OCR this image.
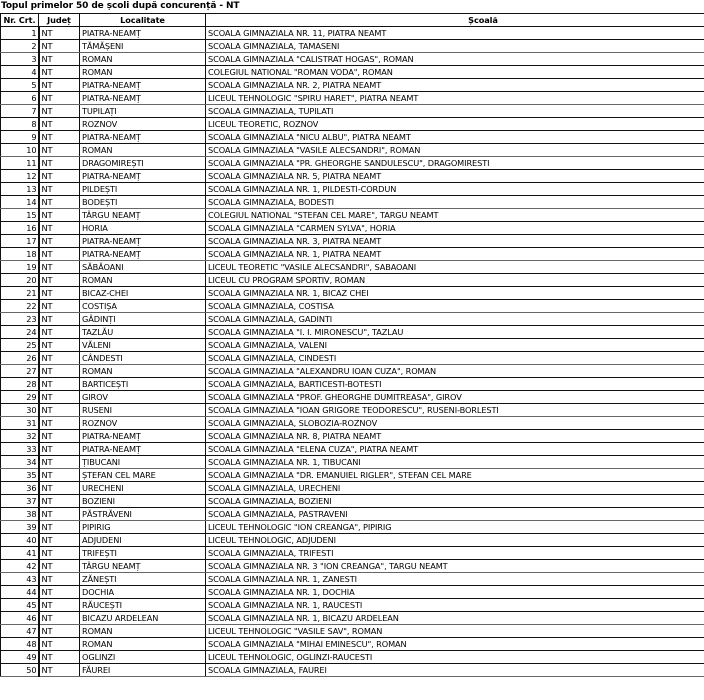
Topul primelor 50 de școli după concurență - NT
Nr. Crt.	Județ	Localitate	Școală
1	NT	PIATRA-NEAMȚ	SCOALA GIMNAZIALA NR. 11, PIATRA NEAMT
2	NT	TĂMĂȘENI	SCOALA GIMNAZIALA, TAMASENI
3	NT	ROMAN	SCOALA GIMNAZIALA "CALISTRAT HOGAS", ROMAN
4	NT	ROMAN	COLEGIUL NATIONAL "ROMAN VODA", ROMAN
5	NT	PIATRA-NEAMȚ	SCOALA GIMNAZIALA NR. 2, PIATRA NEAMT
6	NT	PIATRA-NEAMȚ	LICEUL TEHNOLOGIC "SPIRU HARET", PIATRA NEAMT
7	NT	TUPILAȚI	SCOALA GIMNAZIALA, TUPILATI
8	NT	ROZNOV	LICEUL TEORETIC, ROZNOV
9	NT	PIATRA-NEAMȚ	SCOALA GIMNAZIALA "NICU ALBU", PIATRA NEAMT
10	NT	ROMAN	SCOALA GIMNAZIALA "VASILE ALECSANDRI", ROMAN
11	NT	DRAGOMIREȘTI	SCOALA GIMNAZIALA "PR. GHEORGHE SANDULESCU", DRAGOMIRESTI
12	NT	PIATRA-NEAMȚ	SCOALA GIMNAZIALA NR. 5, PIATRA NEAMT
13	NT	PILDEȘTI	SCOALA GIMNAZIALA NR. 1, PILDESTI-CORDUN
14	NT	BODEȘTI	SCOALA GIMNAZIALA, BODESTI
15	NT	TÂRGU NEAMȚ	COLEGIUL NATIONAL "STEFAN CEL MARE", TARGU NEAMT
16	NT	HORIA	SCOALA GIMNAZIALA "CARMEN SYLVA", HORIA
17	NT	PIATRA-NEAMȚ	SCOALA GIMNAZIALA NR. 3, PIATRA NEAMT
18	NT	PIATRA-NEAMȚ	SCOALA GIMNAZIALA NR. 1, PIATRA NEAMT
19	NT	SĂBĂOANI	LICEUL TEORETIC "VASILE ALECSANDRI", SABAOANI
20	NT	ROMAN	LICEUL CU PROGRAM SPORTIV, ROMAN
21	NT	BICAZ-CHEI	SCOALA GIMNAZIALA NR. 1, BICAZ CHEI
22	NT	COSTIȘA	SCOALA GIMNAZIALA, COSTISA
23	NT	GÂDINȚI	SCOALA GIMNAZIALA, GADINTI
24	NT	TAZLĂU	SCOALA GIMNAZIALA "I. I. MIRONESCU", TAZLAU
25	NT	VĂLENI	SCOALA GIMNAZIALA, VALENI
26	NT	CÂNDESTI	SCOALA GIMNAZIALA, CINDESTI
27	NT	ROMAN	SCOALA GIMNAZIALA "ALEXANDRU IOAN CUZA", ROMAN
28	NT	BARTICEȘTI	SCOALA GIMNAZIALA, BARTICESTI-BOTESTI
29	NT	GIROV	SCOALA GIMNAZIALA "PROF. GHEORGHE DUMITREASA", GIROV
30	NT	RUSENI	SCOALA GIMNAZIALA "IOAN GRIGORE TEODORESCU", RUSENI-BORLESTI
31	NT	ROZNOV	SCOALA GIMNAZIALA, SLOBOZIA-ROZNOV
32	NT	PIATRA-NEAMȚ	SCOALA GIMNAZIALA NR. 8, PIATRA NEAMT
33	NT	PIATRA-NEAMȚ	SCOALA GIMNAZIALA "ELENA CUZA", PIATRA NEAMT
34	NT	ȚIBUCANI	SCOALA GIMNAZIALA NR. 1, TIBUCANI
35	NT	ȘTEFAN CEL MARE	SCOALA GIMNAZIALA "DR. EMANUIEL RIGLER", STEFAN CEL MARE
36	NT	URECHENI	SCOALA GIMNAZIALA, URECHENI
37	NT	BOZIENI	SCOALA GIMNAZIALA, BOZIENI
38	NT	PĂSTRĂVENI	SCOALA GIMNAZIALA, PASTRAVENI
39	NT	PIPIRIG	LICEUL TEHNOLOGIC "ION CREANGA", PIPIRIG
40	NT	ADJUDENI	LICEUL TEHNOLOGIC, ADJUDENI
41	NT	TRIFEȘTI	SCOALA GIMNAZIALA, TRIFESTI
42	NT	TÂRGU NEAMȚ	SCOALA GIMNAZIALA NR. 3 "ION CREANGA", TARGU NEAMT
43	NT	ZĂNEȘTI	SCOALA GIMNAZIALA NR. 1, ZANESTI
44	NT	DOCHIA	SCOALA GIMNAZIALA NR. 1, DOCHIA
45	NT	RĂUCEȘTI	SCOALA GIMNAZIALA NR. 1, RAUCESTI
46	NT	BICAZU ARDELEAN	SCOALA GIMNAZIALA NR. 1, BICAZU ARDELEAN
47	NT	ROMAN	LICEUL TEHNOLOGIC "VASILE SAV", ROMAN
48	NT	ROMAN	SCOALA GIMNAZIALA "MIHAI EMINESCU", ROMAN
49	NT	OGLINZI	LICEUL TEHNOLOGIC, OGLINZI-RAUCESTI
50	NT	FĂUREI	SCOALA GIMNAZIALA, FAUREI
